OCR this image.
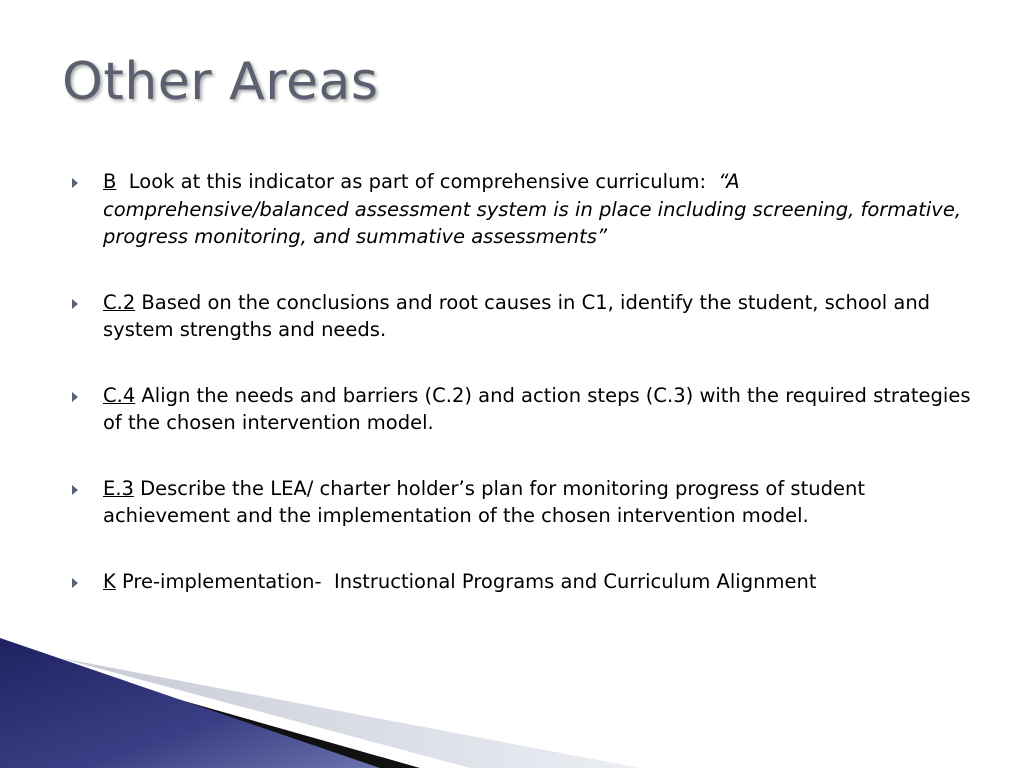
Other Areas
B  Look at this indicator as part of comprehensive curriculum:  “A comprehensive/balanced assessment system is in place including screening, formative, progress monitoring, and summative assessments”
C.2 Based on the conclusions and root causes in C1, identify the student, school and system strengths and needs.
C.4 Align the needs and barriers (C.2) and action steps (C.3) with the required strategies of the chosen intervention model.
E.3 Describe the LEA/ charter holder’s plan for monitoring progress of student achievement and the implementation of the chosen intervention model.
K Pre-implementation-  Instructional Programs and Curriculum Alignment
